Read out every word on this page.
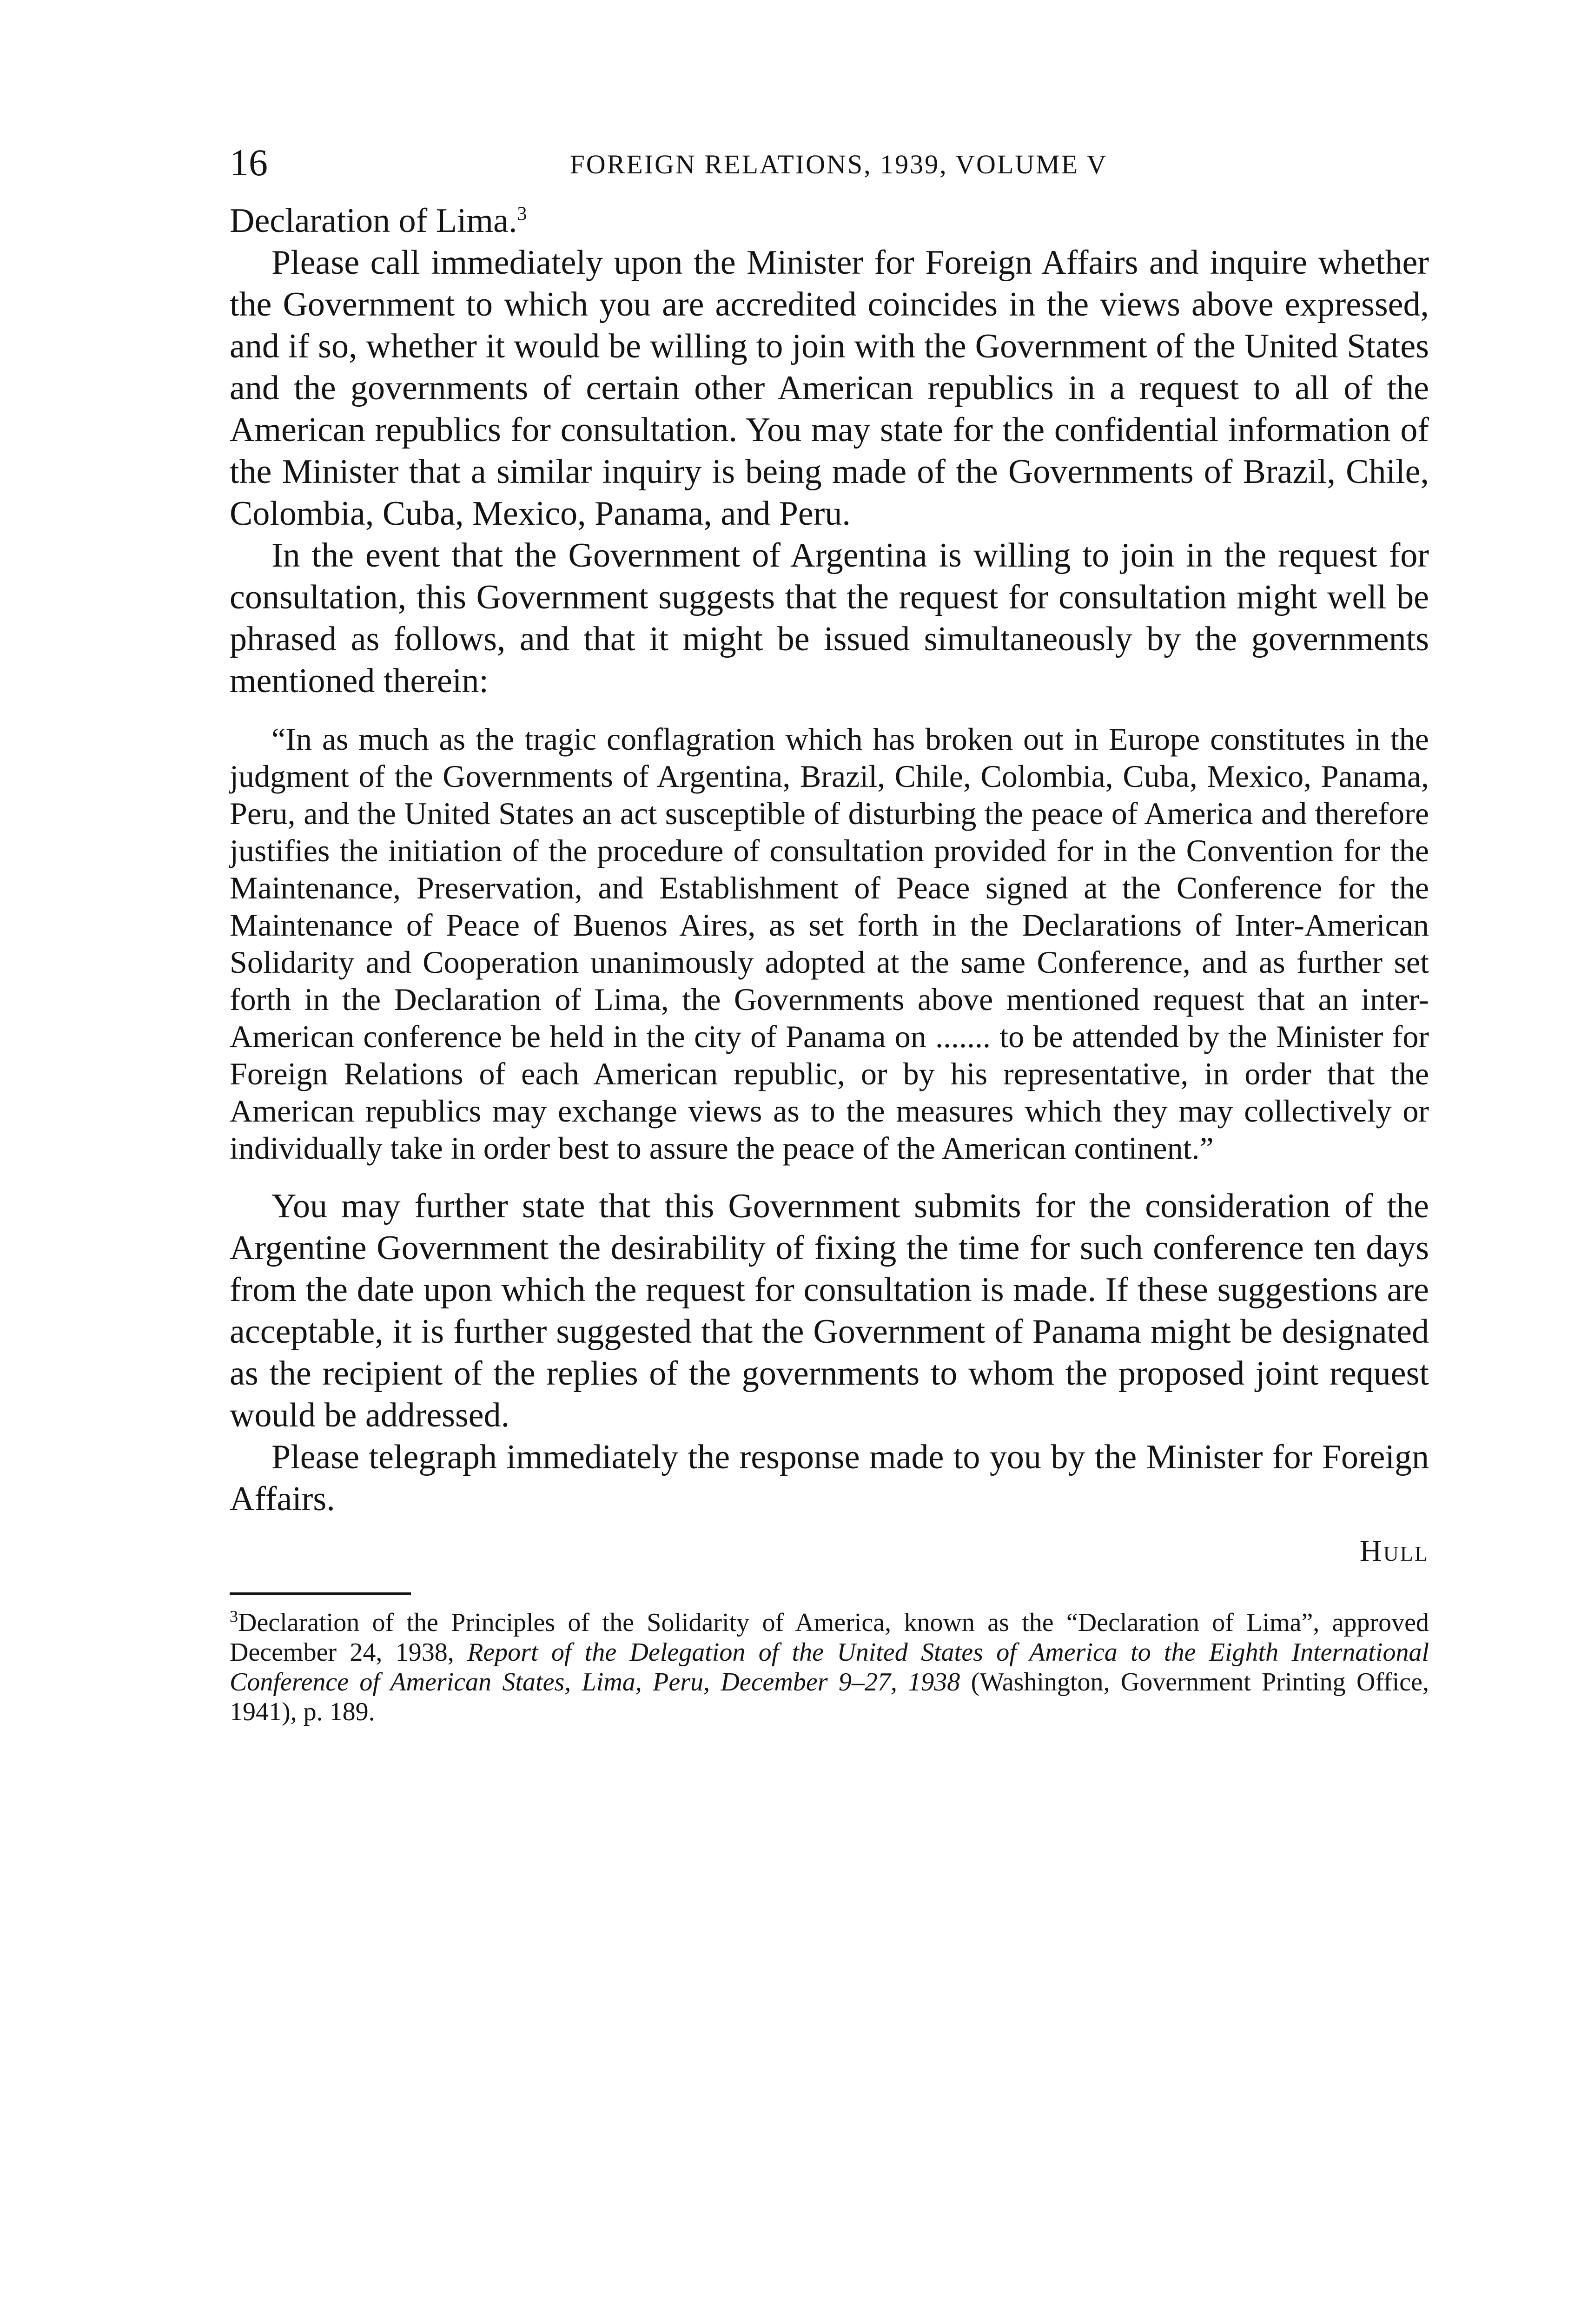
16	FOREIGN RELATIONS, 1939, VOLUME V

Declaration of Lima.$^3$

Please call immediately upon the Minister for Foreign Affairs and inquire whether the Government to which you are accredited coincides in the views above expressed, and if so, whether it would be willing to join with the Government of the United States and the governments of certain other American republics in a request to all of the American republics for consultation. You may state for the confidential information of the Minister that a similar inquiry is being made of the Governments of Brazil, Chile, Colombia, Cuba, Mexico, Panama, and Peru.

In the event that the Government of Argentina is willing to join in the request for consultation, this Government suggests that the request for consultation might well be phrased as follows, and that it might be issued simultaneously by the governments mentioned therein:

“In as much as the tragic conflagration which has broken out in Europe constitutes in the judgment of the Governments of Argentina, Brazil, Chile, Colombia, Cuba, Mexico, Panama, Peru, and the United States an act susceptible of disturbing the peace of America and therefore justifies the initiation of the procedure of consultation provided for in the Convention for the Maintenance, Preservation, and Establishment of Peace signed at the Conference for the Maintenance of Peace of Buenos Aires, as set forth in the Declarations of Inter-American Solidarity and Cooperation unanimously adopted at the same Conference, and as further set forth in the Declaration of Lima, the Governments above mentioned request that an inter-American conference be held in the city of Panama on ....... to be attended by the Minister for Foreign Relations of each American republic, or by his representative, in order that the American republics may exchange views as to the measures which they may collectively or individually take in order best to assure the peace of the American continent.”

You may further state that this Government submits for the consideration of the Argentine Government the desirability of fixing the time for such conference ten days from the date upon which the request for consultation is made. If these suggestions are acceptable, it is further suggested that the Government of Panama might be designated as the recipient of the replies of the governments to whom the proposed joint request would be addressed.

Please telegraph immediately the response made to you by the Minister for Foreign Affairs.

Hull

$^3$Declaration of the Principles of the Solidarity of America, known as the “Declaration of Lima”, approved December 24, 1938, Report of the Delegation of the United States of America to the Eighth International Conference of American States, Lima, Peru, December 9–27, 1938 (Washington, Government Printing Office, 1941), p. 189.
